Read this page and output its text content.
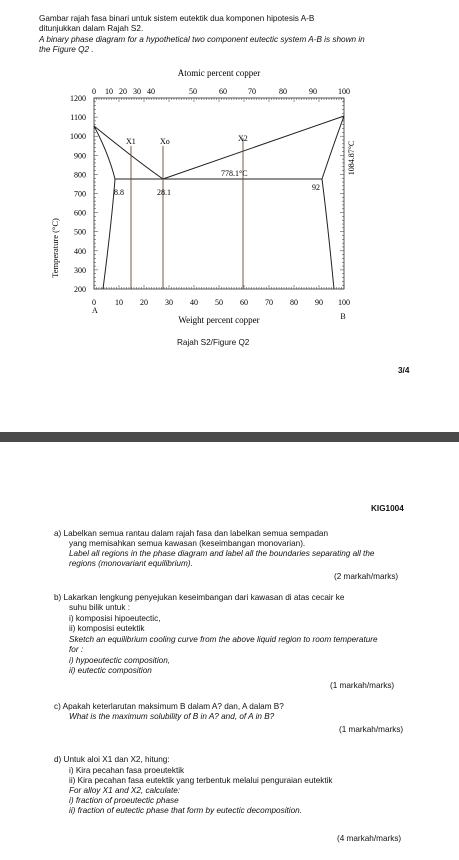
Gambar rajah fasa binari untuk sistem eutektik dua komponen hipotesis A-B
ditunjukkan dalam Rajah S2.
A binary phase diagram for a hypothetical two component eutectic system A-B is shown in
the Figure Q2 .
Atomic percent copper
0 10 20 30 40	50	60	70	80	90	100
1200
1100
1000
900
800
700
600
500
400
300
200
0 10 20 30 40 50 60 70 80 90 100
X1	Xo	X2
778.1°C
8.8	28.1
92
1084.87°C
Temperature (°C)
A
B
Weight percent copper
Rajah S2/Figure Q2
3/4
KIG1004
a) Labelkan semua rantau dalam rajah fasa dan labelkan semua sempadan
yang memisahkan semua kawasan (keseimbangan monovarian).
Label all regions in the phase diagram and label all the boundaries separating all the
regions (monovariant equilibrium).
(2 markah/marks)
b) Lakarkan lengkung penyejukan keseimbangan dari kawasan di atas cecair ke
suhu bilik untuk :
i) komposisi hipoeutectic,
ii) komposisi eutektik
Sketch an equilibrium cooling curve from the above liquid region to room temperature
for :
i) hypoeutectic composition,
ii) eutectic composition
(1 markah/marks)
c) Apakah keterlarutan maksimum B dalam A? dan, A dalam B?
What is the maximum solubility of B in A? and, of A in B?
(1 markah/marks)
d) Untuk aloi X1 dan X2, hitung:
i) Kira pecahan fasa proeutektik
ii) Kira pecahan fasa eutektik yang terbentuk melalui penguraian eutektik
For alloy X1 and X2, calculate:
i) fraction of proeutectic phase
ii) fraction of eutectic phase that form by eutectic decomposition.
(4 markah/marks)
